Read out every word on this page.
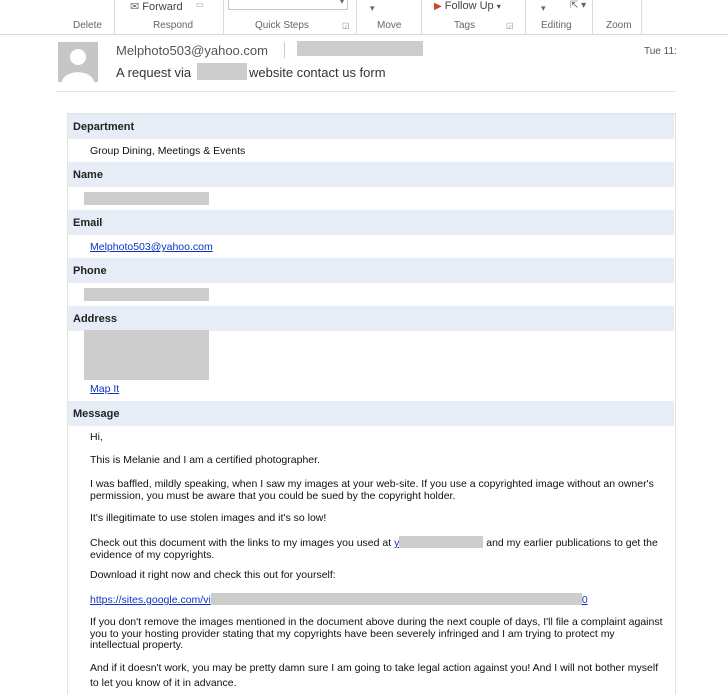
✉ Forward ▭	▾
▾	▶ Follow Up ▾	▾ ⇱ ▾
Delete	Respond	Quick Steps	◲	Move	Tags	◲	Editing	Zoom
Melphoto503@yahoo.com	Tue 11:
A request via	website contact us form
Department
Group Dining, Meetings & Events
Name
Email
Melphoto503@yahoo.com
Phone
Address
Map It
Message
Hi,
This is Melanie and I am a certified photographer.
I was baffled, mildly speaking, when I saw my images at your web-site. If you use a copyrighted image without an owner's permission, you must be aware that you could be sued by the copyright holder.
It's illegitimate to use stolen images and it's so low!
Check out this document with the links to my images you used at y	and my earlier publications to get the evidence of my copyrights.
Download it right now and check this out for yourself:
https://sites.google.com/vi	0
If you don't remove the images mentioned in the document above during the next couple of days, I'll file a complaint against you to your hosting provider stating that my copyrights have been severely infringed and I am trying to protect my intellectual property.
And if it doesn't work, you may be pretty damn sure I am going to take legal action against you! And I will not bother myself to let you know of it in advance.
